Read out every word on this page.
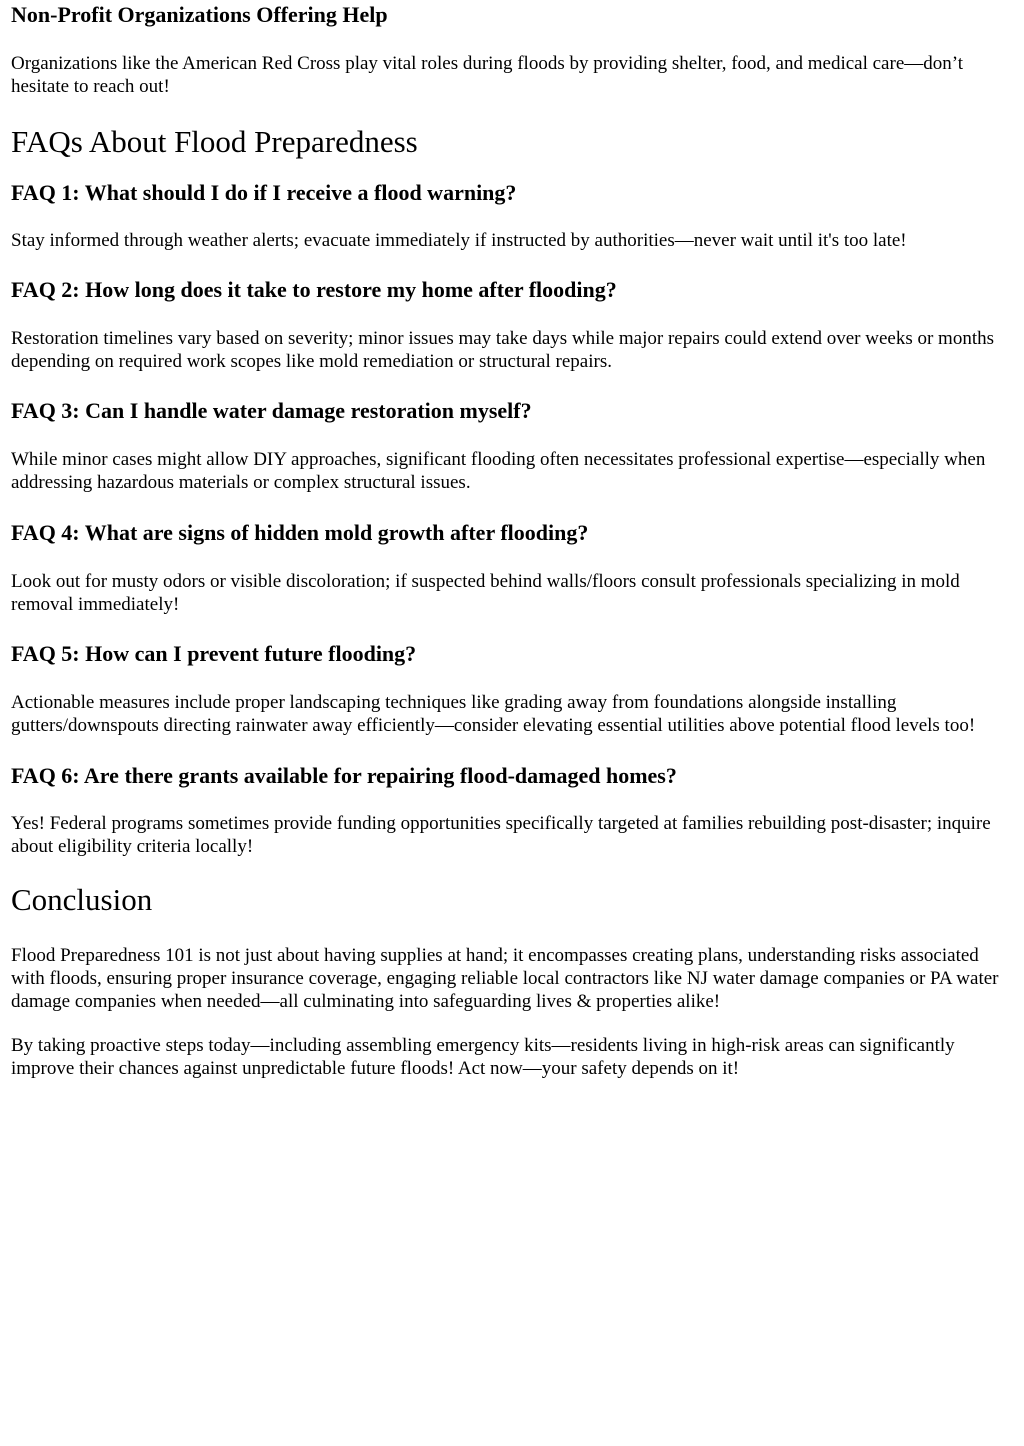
Non-Profit Organizations Offering Help

Organizations like the American Red Cross play vital roles during floods by providing shelter, food, and medical care—don’t hesitate to reach out!

FAQs About Flood Preparedness
FAQ 1: What should I do if I receive a flood warning?

Stay informed through weather alerts; evacuate immediately if instructed by authorities—never wait until it's too late!

FAQ 2: How long does it take to restore my home after flooding?

Restoration timelines vary based on severity; minor issues may take days while major repairs could extend over weeks or months depending on required work scopes like mold remediation or structural repairs.

FAQ 3: Can I handle water damage restoration myself?

While minor cases might allow DIY approaches, significant flooding often necessitates professional expertise—especially when addressing hazardous materials or complex structural issues.

FAQ 4: What are signs of hidden mold growth after flooding?

Look out for musty odors or visible discoloration; if suspected behind walls/floors consult professionals specializing in mold removal immediately!

FAQ 5: How can I prevent future flooding?

Actionable measures include proper landscaping techniques like grading away from foundations alongside installing gutters/downspouts directing rainwater away efficiently—consider elevating essential utilities above potential flood levels too!

FAQ 6: Are there grants available for repairing flood-damaged homes?

Yes! Federal programs sometimes provide funding opportunities specifically targeted at families rebuilding post-disaster; inquire about eligibility criteria locally!

Conclusion

Flood Preparedness 101 is not just about having supplies at hand; it encompasses creating plans, understanding risks associated with floods, ensuring proper insurance coverage, engaging reliable local contractors like NJ water damage companies or PA water damage companies when needed—all culminating into safeguarding lives & properties alike!

By taking proactive steps today—including assembling emergency kits—residents living in high-risk areas can significantly improve their chances against unpredictable future floods! Act now—your safety depends on it!
